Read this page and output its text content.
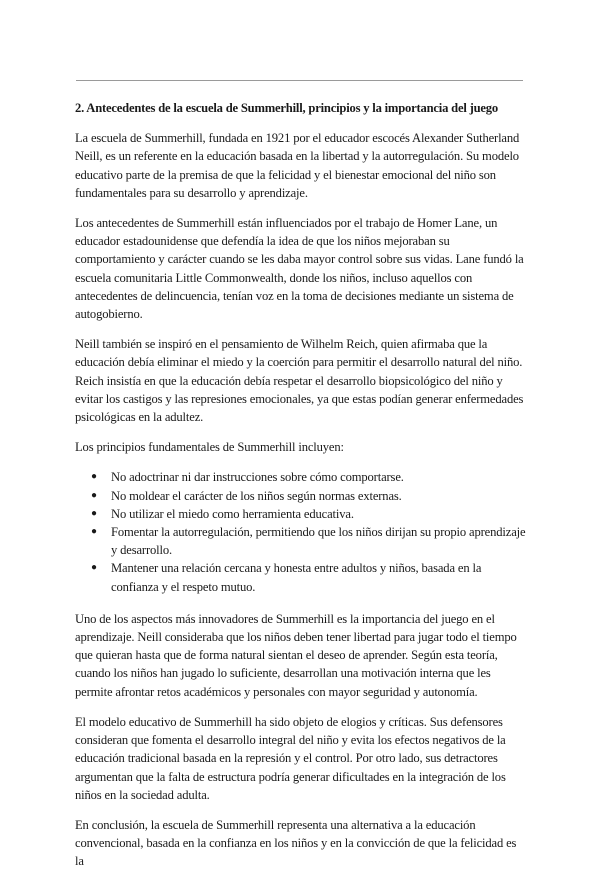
2. Antecedentes de la escuela de Summerhill, principios y la importancia del juego

La escuela de Summerhill, fundada en 1921 por el educador escocés Alexander Sutherland Neill, es un referente en la educación basada en la libertad y la autorregulación. Su modelo educativo parte de la premisa de que la felicidad y el bienestar emocional del niño son fundamentales para su desarrollo y aprendizaje.

Los antecedentes de Summerhill están influenciados por el trabajo de Homer Lane, un educador estadounidense que defendía la idea de que los niños mejoraban su comportamiento y carácter cuando se les daba mayor control sobre sus vidas. Lane fundó la escuela comunitaria Little Commonwealth, donde los niños, incluso aquellos con antecedentes de delincuencia, tenían voz en la toma de decisiones mediante un sistema de autogobierno.

Neill también se inspiró en el pensamiento de Wilhelm Reich, quien afirmaba que la educación debía eliminar el miedo y la coerción para permitir el desarrollo natural del niño. Reich insistía en que la educación debía respetar el desarrollo biopsicológico del niño y evitar los castigos y las represiones emocionales, ya que estas podían generar enfermedades psicológicas en la adultez.

Los principios fundamentales de Summerhill incluyen:

● No adoctrinar ni dar instrucciones sobre cómo comportarse.
● No moldear el carácter de los niños según normas externas.
● No utilizar el miedo como herramienta educativa.
● Fomentar la autorregulación, permitiendo que los niños dirijan su propio aprendizaje y desarrollo.
● Mantener una relación cercana y honesta entre adultos y niños, basada en la confianza y el respeto mutuo.

Uno de los aspectos más innovadores de Summerhill es la importancia del juego en el aprendizaje. Neill consideraba que los niños deben tener libertad para jugar todo el tiempo que quieran hasta que de forma natural sientan el deseo de aprender. Según esta teoría, cuando los niños han jugado lo suficiente, desarrollan una motivación interna que les permite afrontar retos académicos y personales con mayor seguridad y autonomía.

El modelo educativo de Summerhill ha sido objeto de elogios y críticas. Sus defensores consideran que fomenta el desarrollo integral del niño y evita los efectos negativos de la educación tradicional basada en la represión y el control. Por otro lado, sus detractores argumentan que la falta de estructura podría generar dificultades en la integración de los niños en la sociedad adulta.

En conclusión, la escuela de Summerhill representa una alternativa a la educación convencional, basada en la confianza en los niños y en la convicción de que la felicidad es la
